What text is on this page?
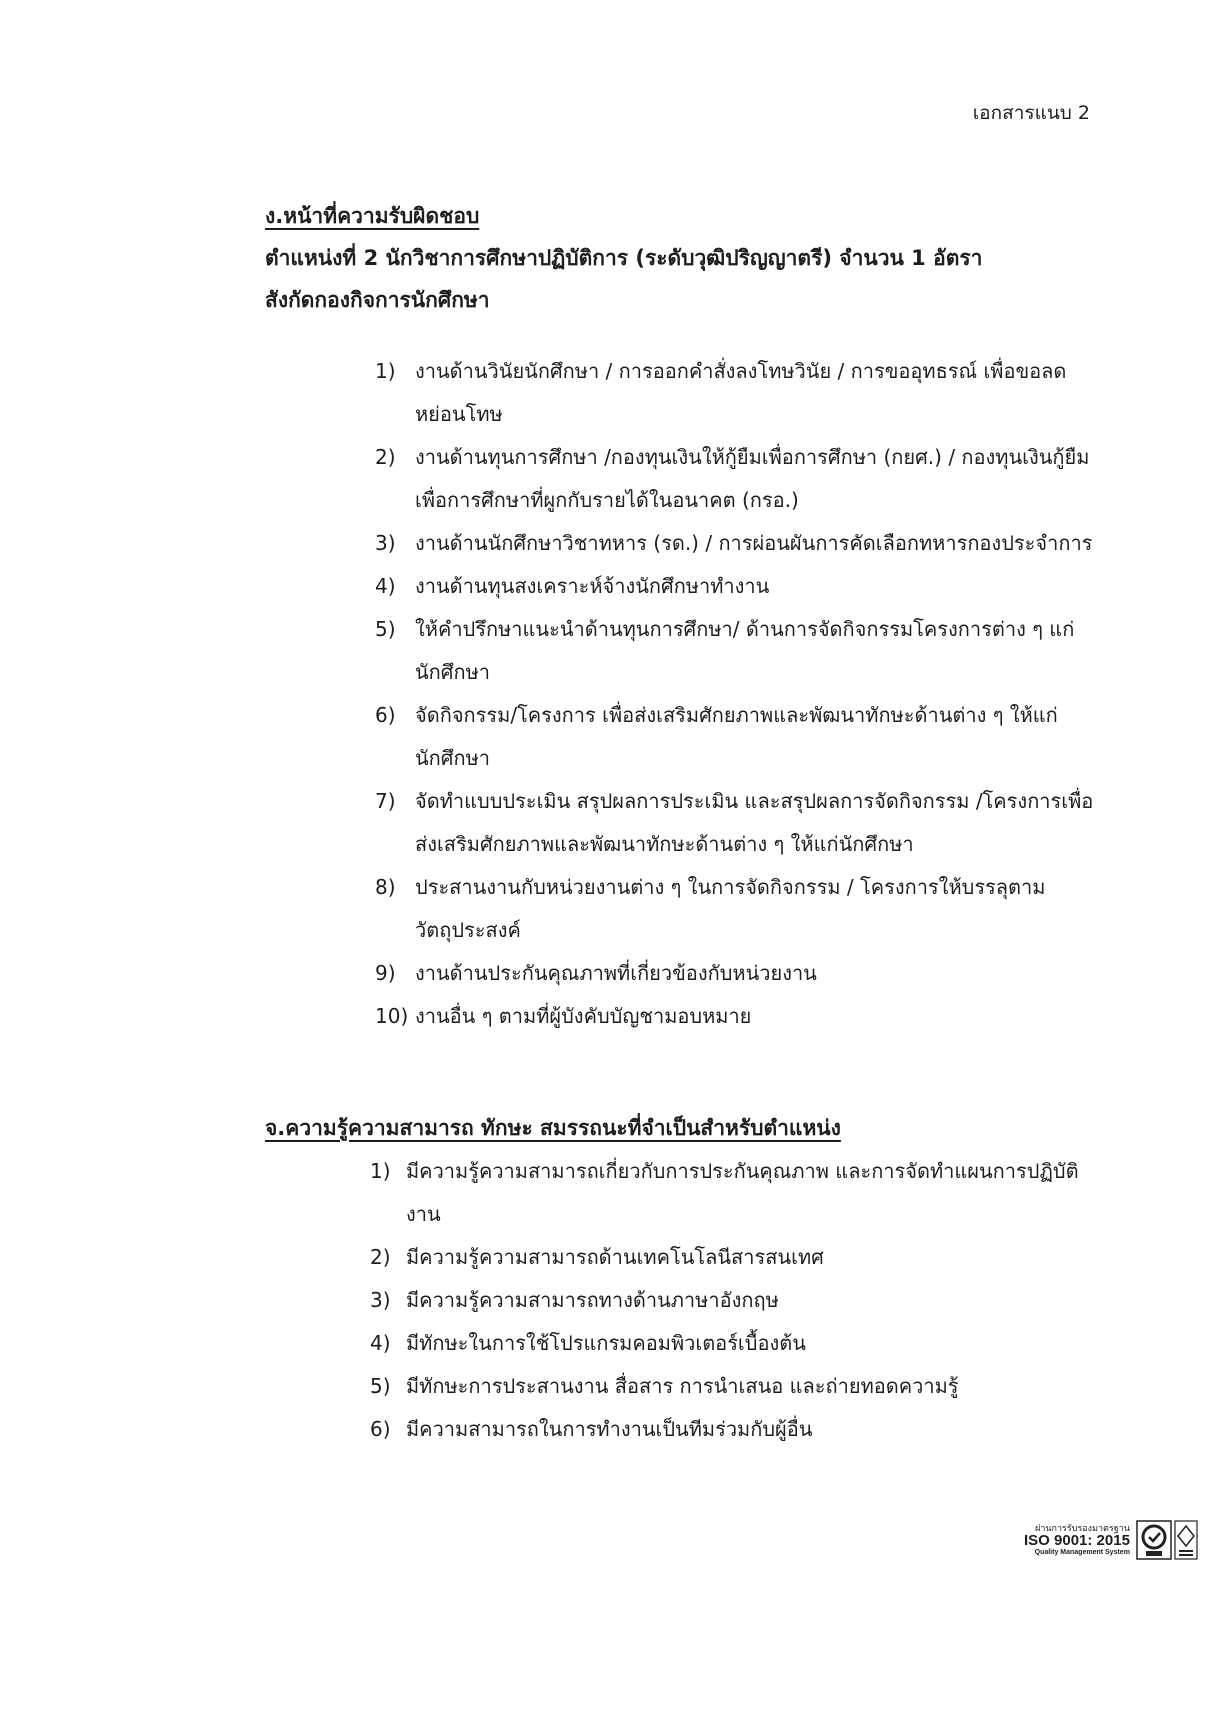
เอกสารแนบ 2
ง.หน้าที่ความรับผิดชอบ
ตำแหน่งที่ 2 นักวิชาการศึกษาปฏิบัติการ (ระดับวุฒิปริญญาตรี) จำนวน 1 อัตรา
สังกัดกองกิจการนักศึกษา
1) งานด้านวินัยนักศึกษา / การออกคำสั่งลงโทษวินัย / การขออุทธรณ์ เพื่อขอลดหย่อนโทษ
2) งานด้านทุนการศึกษา /กองทุนเงินให้กู้ยืมเพื่อการศึกษา (กยศ.) / กองทุนเงินกู้ยืมเพื่อการศึกษาที่ผูกกับรายได้ในอนาคต (กรอ.)
3) งานด้านนักศึกษาวิชาทหาร (รด.) / การผ่อนผันการคัดเลือกทหารกองประจำการ
4) งานด้านทุนสงเคราะห์จ้างนักศึกษาทำงาน
5) ให้คำปรึกษาแนะนำด้านทุนการศึกษา/ ด้านการจัดกิจกรรมโครงการต่าง ๆ แก่นักศึกษา
6) จัดกิจกรรม/โครงการ เพื่อส่งเสริมศักยภาพและพัฒนาทักษะด้านต่าง ๆ ให้แก่นักศึกษา
7) จัดทำแบบประเมิน สรุปผลการประเมิน และสรุปผลการจัดกิจกรรม /โครงการเพื่อส่งเสริมศักยภาพและพัฒนาทักษะด้านต่าง ๆ ให้แก่นักศึกษา
8) ประสานงานกับหน่วยงานต่าง ๆ ในการจัดกิจกรรม / โครงการให้บรรลุตามวัตถุประสงค์
9) งานด้านประกันคุณภาพที่เกี่ยวข้องกับหน่วยงาน
10) งานอื่น ๆ ตามที่ผู้บังคับบัญชามอบหมาย
จ.ความรู้ความสามารถ ทักษะ สมรรถนะที่จำเป็นสำหรับตำแหน่ง
1) มีความรู้ความสามารถเกี่ยวกับการประกันคุณภาพ และการจัดทำแผนการปฏิบัติงาน
2) มีความรู้ความสามารถด้านเทคโนโลนีสารสนเทศ
3) มีความรู้ความสามารถทางด้านภาษาอังกฤษ
4) มีทักษะในการใช้โปรแกรมคอมพิวเตอร์เบื้องต้น
5) มีทักษะการประสานงาน สื่อสาร การนำเสนอ และถ่ายทอดความรู้
6) มีความสามารถในการทำงานเป็นทีมร่วมกับผู้อื่น
ผ่านการรับรองมาตรฐาน
ISO 9001: 2015
Quality Management System
